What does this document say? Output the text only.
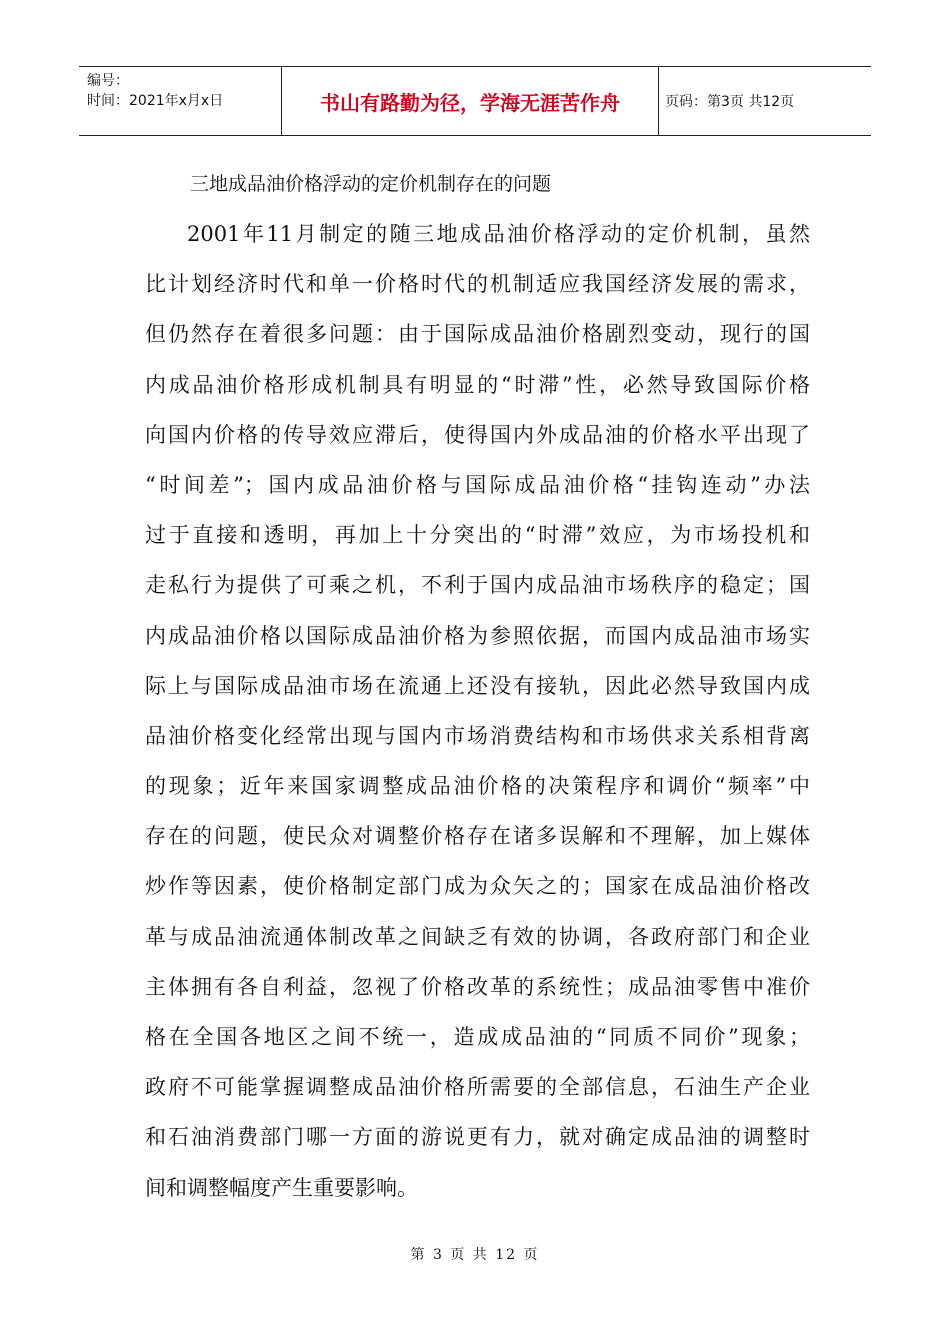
编号：
时间：2021年x月x日	书山有路勤为径，学海无涯苦作舟	页码：第3页 共12页
三地成品油价格浮动的定价机制存在的问题
2001年11月制定的随三地成品油价格浮动的定价机制，虽然
比计划经济时代和单一价格时代的机制适应我国经济发展的需求，
但仍然存在着很多问题：由于国际成品油价格剧烈变动，现行的国
内成品油价格形成机制具有明显的“时滞”性，必然导致国际价格
向国内价格的传导效应滞后，使得国内外成品油的价格水平出现了
“时间差”；国内成品油价格与国际成品油价格“挂钩连动”办法
过于直接和透明，再加上十分突出的“时滞”效应，为市场投机和
走私行为提供了可乘之机，不利于国内成品油市场秩序的稳定；国
内成品油价格以国际成品油价格为参照依据，而国内成品油市场实
际上与国际成品油市场在流通上还没有接轨，因此必然导致国内成
品油价格变化经常出现与国内市场消费结构和市场供求关系相背离
的现象；近年来国家调整成品油价格的决策程序和调价“频率”中
存在的问题，使民众对调整价格存在诸多误解和不理解，加上媒体
炒作等因素，使价格制定部门成为众矢之的；国家在成品油价格改
革与成品油流通体制改革之间缺乏有效的协调，各政府部门和企业
主体拥有各自利益，忽视了价格改革的系统性；成品油零售中准价
格在全国各地区之间不统一，造成成品油的“同质不同价”现象；
政府不可能掌握调整成品油价格所需要的全部信息，石油生产企业
和石油消费部门哪一方面的游说更有力，就对确定成品油的调整时
间和调整幅度产生重要影响。
第 3 页 共 12 页
